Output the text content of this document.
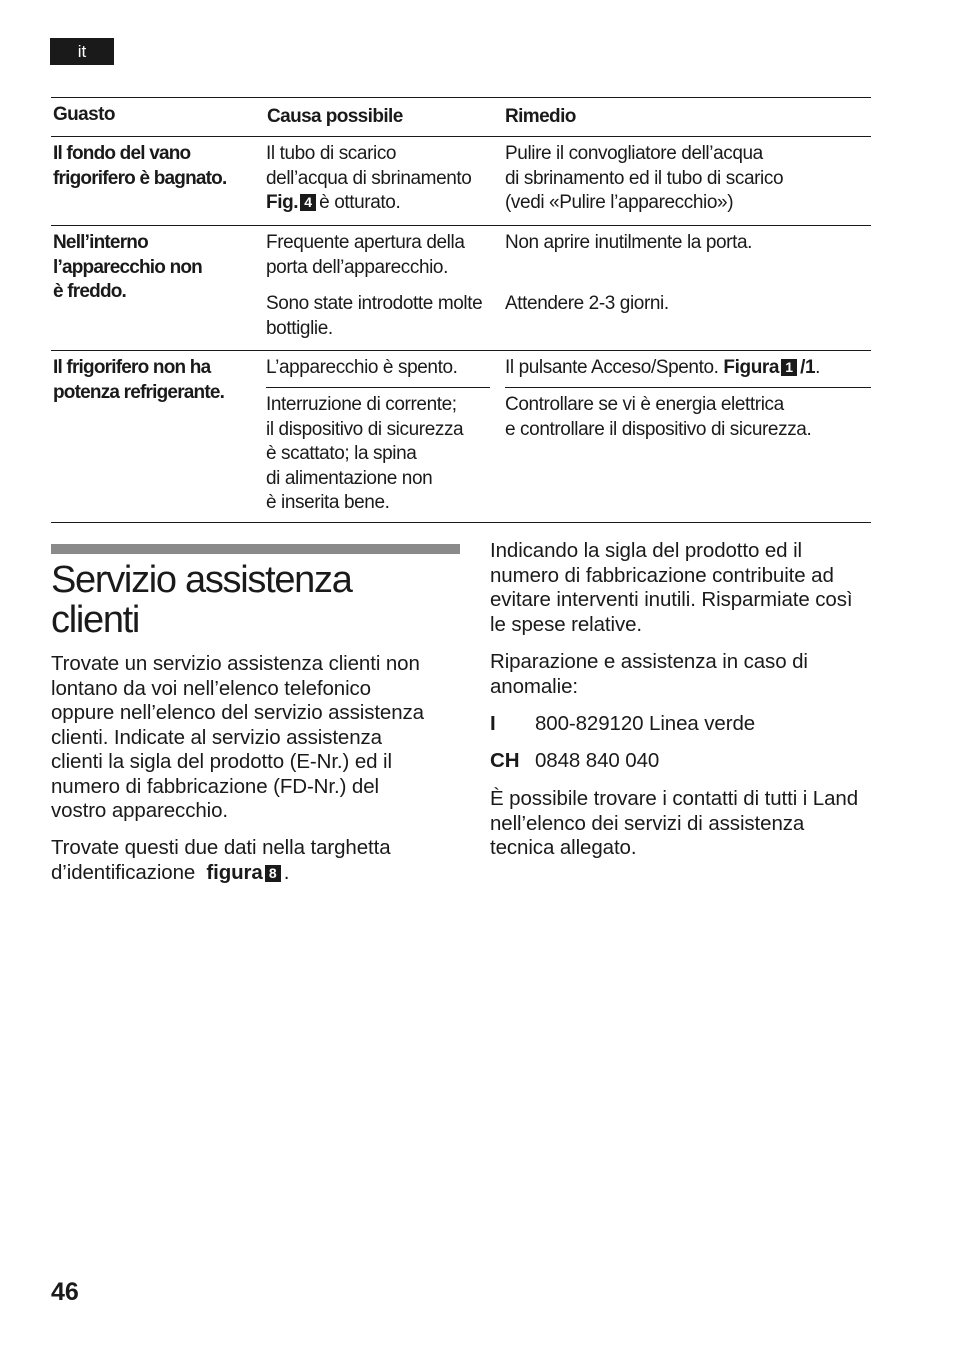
it
Guasto	Causa possibile	Rimedio
Il fondo del vano
frigorifero è bagnato.
Il tubo di scarico
dell’acqua di sbrinamento
Fig. 4 è otturato.
Pulire il convogliatore dell’acqua
di sbrinamento ed il tubo di scarico
(vedi «Pulire l’apparecchio»)
Nell’interno
l’apparecchio non
è freddo.
Frequente apertura della
porta dell’apparecchio.
Non aprire inutilmente la porta.
Sono state introdotte molte
bottiglie.
Attendere 2-3 giorni.
Il frigorifero non ha
potenza refrigerante.
L’apparecchio è spento. Il pulsante Acceso/Spento. Figura 1 /1.
Interruzione di corrente;
il dispositivo di sicurezza
è scattato; la spina
di alimentazione non
è inserita bene.
Controllare se vi è energia elettrica
e controllare il dispositivo di sicurezza.
Servizio assistenza
clienti
Trovate un servizio assistenza clienti non
lontano da voi nell’elenco telefonico
oppure nell’elenco del servizio assistenza
clienti. Indicate al servizio assistenza
clienti la sigla del prodotto (E-Nr.) ed il
numero di fabbricazione (FD-Nr.) del
vostro apparecchio.
Trovate questi due dati nella targhetta
d’identificazione figura 8 .
Indicando la sigla del prodotto ed il
numero di fabbricazione contribuite ad
evitare interventi inutili. Risparmiate così
le spese relative.
Riparazione e assistenza in caso di
anomalie:
I 800-829120 Linea verde
CH 0848 840 040
È possibile trovare i contatti di tutti i Land
nell’elenco dei servizi di assistenza
tecnica allegato.
46
